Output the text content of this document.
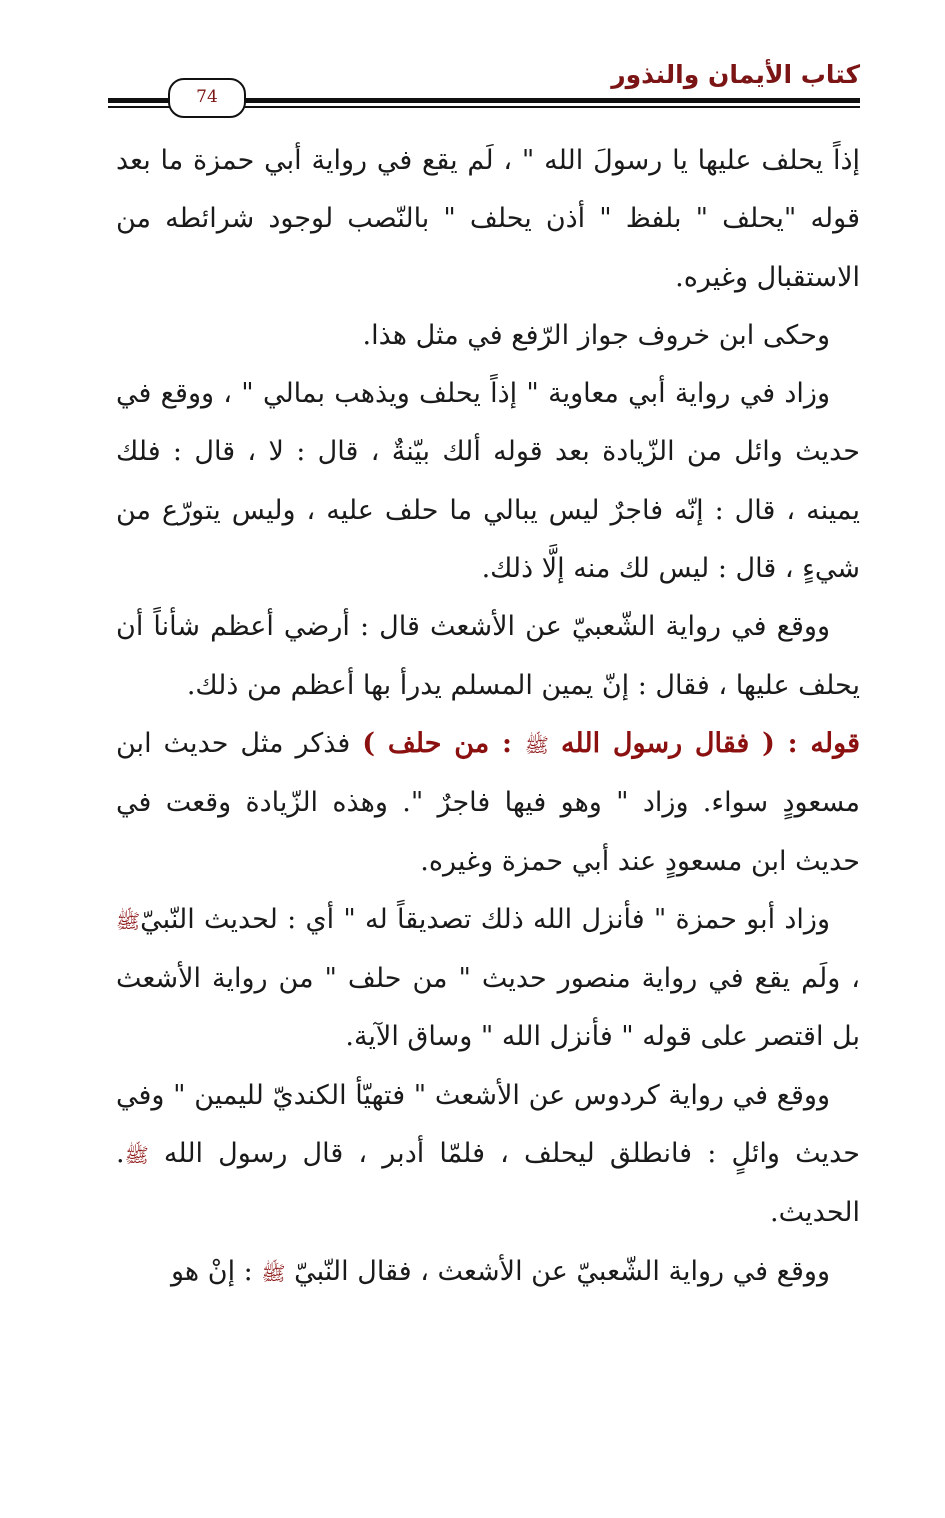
كتاب الأيمان والنذور
74

إذاً يحلف عليها يا رسولَ الله " ، لَم يقع في رواية أبي حمزة ما بعد قوله "يحلف " بلفظ " أذن يحلف " بالنّصب لوجود شرائطه من الاستقبال وغيره.

وحكى ابن خروف جواز الرّفع في مثل هذا.

وزاد في رواية أبي معاوية " إذاً يحلف ويذهب بمالي " ، ووقع في حديث وائل من الزّيادة بعد قوله ألك بيّنةٌ ، قال : لا ، قال : فلك يمينه ، قال : إنّه فاجرٌ ليس يبالي ما حلف عليه ، وليس يتورّع من شيءٍ ، قال : ليس لك منه إلَّا ذلك.

ووقع في رواية الشّعبيّ عن الأشعث قال : أرضي أعظم شأناً أن يحلف عليها ، فقال : إنّ يمين المسلم يدرأ بها أعظم من ذلك.

قوله : ( فقال رسول الله ﷺ : من حلف ) فذكر مثل حديث ابن مسعودٍ سواء. وزاد " وهو فيها فاجرٌ ". وهذه الزّيادة وقعت في حديث ابن مسعودٍ عند أبي حمزة وغيره.

وزاد أبو حمزة " فأنزل الله ذلك تصديقاً له " أي : لحديث النّبيّﷺ ، ولَم يقع في رواية منصور حديث " من حلف " من رواية الأشعث بل اقتصر على قوله " فأنزل الله " وساق الآية.

ووقع في رواية كردوس عن الأشعث " فتهيّأ الكنديّ لليمين " وفي حديث وائلٍ : فانطلق ليحلف ، فلمّا أدبر ، قال رسول الله ﷺ. الحديث.

ووقع في رواية الشّعبيّ عن الأشعث ، فقال النّبيّ ﷺ : إنْ هو
